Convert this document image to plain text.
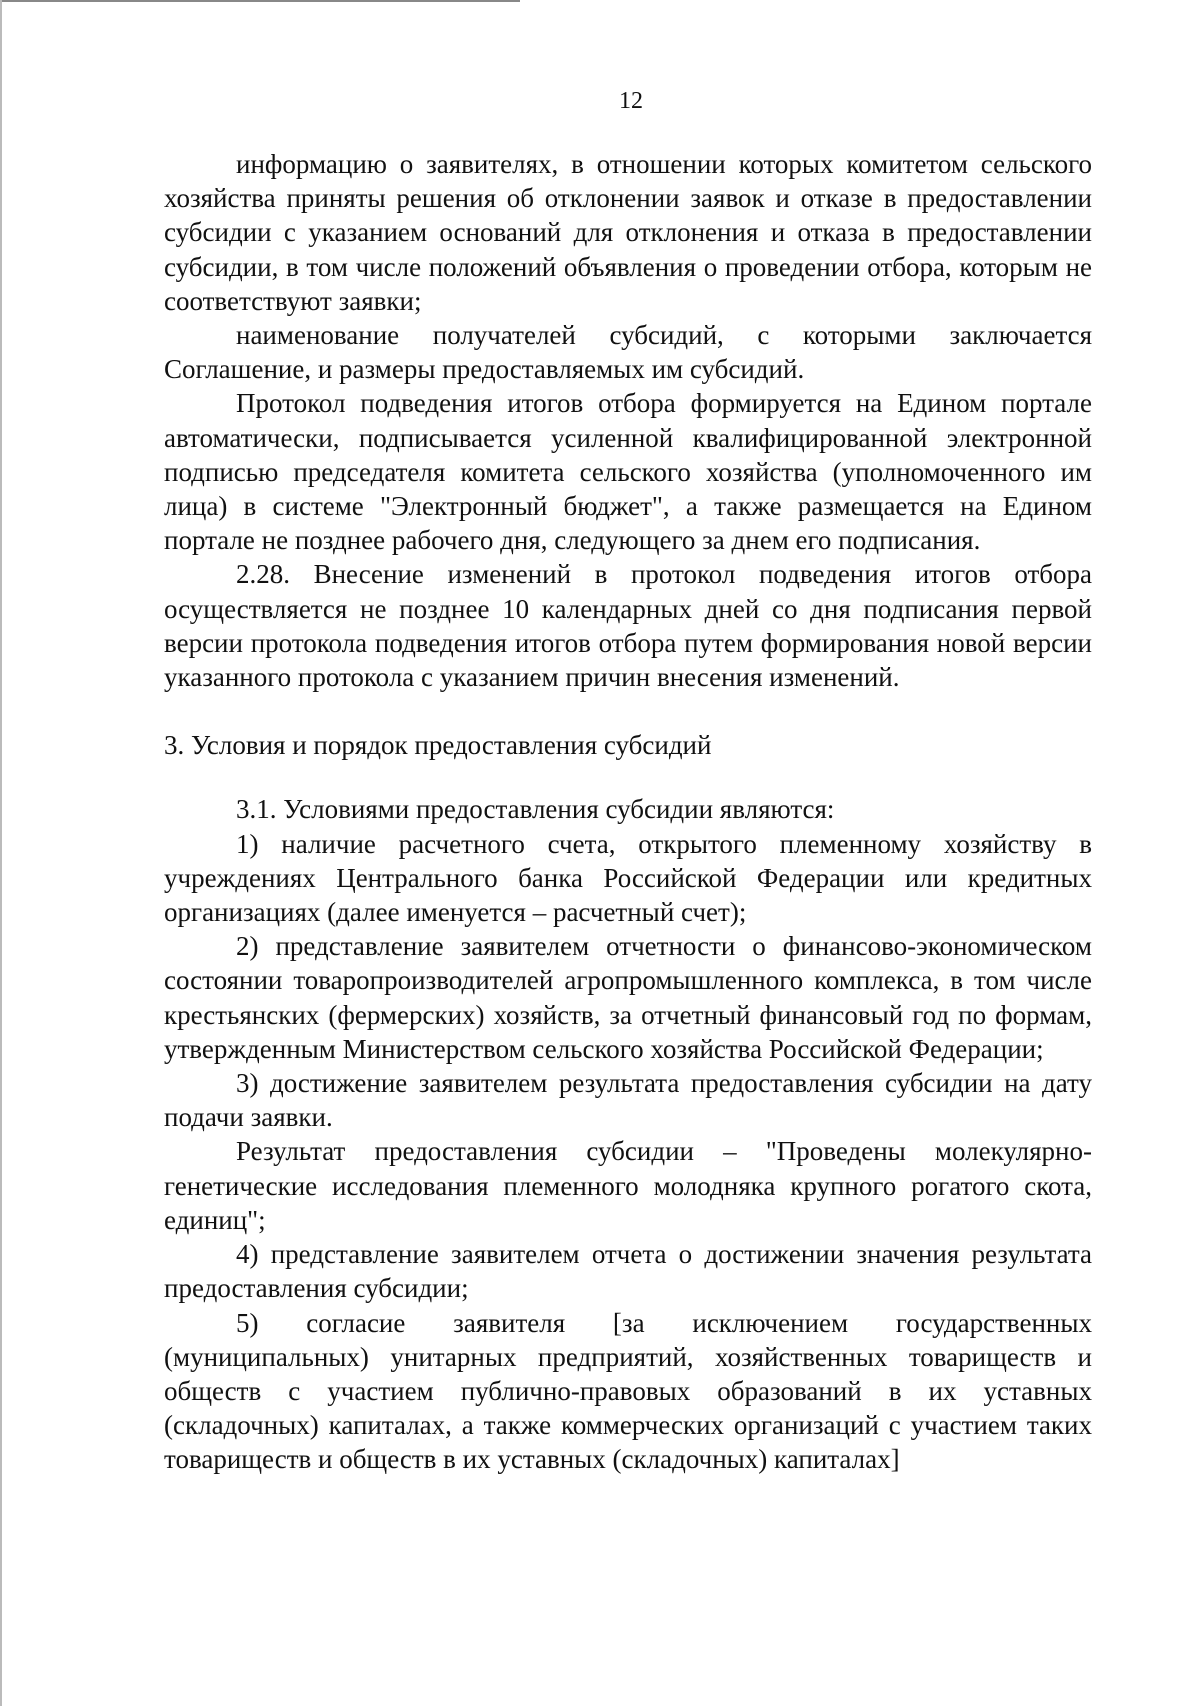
12

информацию о заявителях, в отношении которых комитетом сельского хозяйства приняты решения об отклонении заявок и отказе в предоставлении субсидии с указанием оснований для отклонения и отказа в предоставлении субсидии, в том числе положений объявления о проведении отбора, которым не соответствуют заявки;

наименование получателей субсидий, с которыми заключается Соглашение, и размеры предоставляемых им субсидий.

Протокол подведения итогов отбора формируется на Едином портале автоматически, подписывается усиленной квалифицированной электронной подписью председателя комитета сельского хозяйства (уполномоченного им лица) в системе "Электронный бюджет", а также размещается на Едином портале не позднее рабочего дня, следующего за днем его подписания.

2.28. Внесение изменений в протокол подведения итогов отбора осуществляется не позднее 10 календарных дней со дня подписания первой версии протокола подведения итогов отбора путем формирования новой версии указанного протокола с указанием причин внесения изменений.

3. Условия и порядок предоставления субсидий

3.1. Условиями предоставления субсидии являются:

1) наличие расчетного счета, открытого племенному хозяйству в учреждениях Центрального банка Российской Федерации или кредитных организациях (далее именуется – расчетный счет);

2) представление заявителем отчетности о финансово-экономическом состоянии товаропроизводителей агропромышленного комплекса, в том числе крестьянских (фермерских) хозяйств, за отчетный финансовый год по формам, утвержденным Министерством сельского хозяйства Российской Федерации;

3) достижение заявителем результата предоставления субсидии на дату подачи заявки.

Результат предоставления субсидии – "Проведены молекулярно-генетические исследования племенного молодняка крупного рогатого скота, единиц";

4) представление заявителем отчета о достижении значения результата предоставления субсидии;

5) согласие заявителя [за исключением государственных (муниципальных) унитарных предприятий, хозяйственных товариществ и обществ с участием публично-правовых образований в их уставных (складочных) капиталах, а также коммерческих организаций с участием таких товариществ и обществ в их уставных (складочных) капиталах]
